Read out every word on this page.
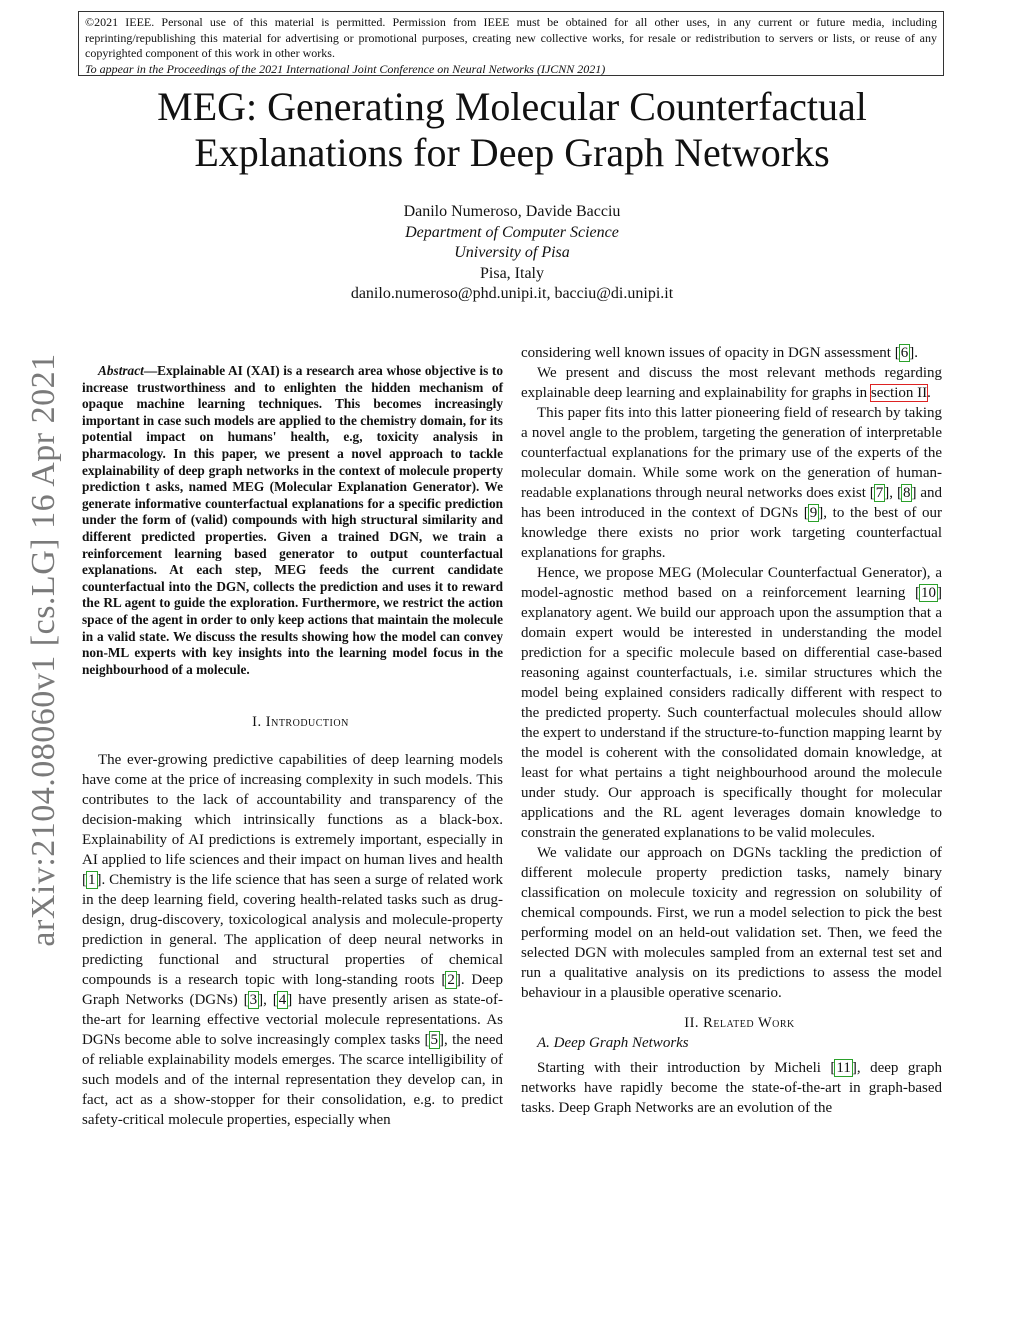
©2021 IEEE. Personal use of this material is permitted. Permission from IEEE must be obtained for all other uses, in any current or future media, including reprinting/republishing this material for advertising or promotional purposes, creating new collective works, for resale or redistribution to servers or lists, or reuse of any copyrighted component of this work in other works.
To appear in the Proceedings of the 2021 International Joint Conference on Neural Networks (IJCNN 2021)
MEG: Generating Molecular Counterfactual
Explanations for Deep Graph Networks
Danilo Numeroso, Davide Bacciu
Department of Computer Science
University of Pisa
Pisa, Italy
danilo.numeroso@phd.unipi.it, bacciu@di.unipi.it
arXiv:2104.08060v1 [cs.LG] 16 Apr 2021	Abstract—Explainable AI (XAI) is a research area whose objective is to increase trustworthiness and to enlighten the hidden mechanism of opaque machine learning techniques. This becomes increasingly important in case such models are applied to the chemistry domain, for its potential impact on humans' health, e.g, toxicity analysis in pharmacology. In this paper, we present a novel approach to tackle explainability of deep graph networks in the context of molecule property prediction t asks, named MEG (Molecular Explanation Generator). We generate informative counterfactual explanations for a specific prediction under the form of (valid) compounds with high structural similarity and different predicted properties. Given a trained DGN, we train a reinforcement learning based generator to output counterfactual explanations. At each step, MEG feeds the current candidate counterfactual into the DGN, collects the prediction and uses it to reward the RL agent to guide the exploration. Furthermore, we restrict the action space of the agent in order to only keep actions that maintain the molecule in a valid state. We discuss the results showing how the model can convey non-ML experts with key insights into the learning model focus in the neighbourhood of a molecule.

I. Introduction

The ever-growing predictive capabilities of deep learning models have come at the price of increasing complexity in such models. This contributes to the lack of accountability and transparency of the decision-making which intrinsically functions as a black-box. Explainability of AI predictions is extremely important, especially in AI applied to life sciences and their impact on human lives and health [1]. Chemistry is the life science that has seen a surge of related work in the deep learning field, covering health-related tasks such as drug-design, drug-discovery, toxicological analysis and molecule-property prediction in general. The application of deep neural networks in predicting functional and structural properties of chemical compounds is a research topic with long-standing roots [2]. Deep Graph Networks (DGNs) [3], [4] have presently arisen as state-of-the-art for learning effective vectorial molecule representations. As DGNs become able to solve increasingly complex tasks [5], the need of reliable explainability models emerges. The scarce intelligibility of such models and of the internal representation they develop can, in fact, act as a show-stopper for their consolidation, e.g. to predict safety-critical molecule properties, especially when

considering well known issues of opacity in DGN assessment [6].

We present and discuss the most relevant methods regarding explainable deep learning and explainability for graphs in section II.

This paper fits into this latter pioneering field of research by taking a novel angle to the problem, targeting the generation of interpretable counterfactual explanations for the primary use of the experts of the molecular domain. While some work on the generation of human-readable explanations through neural networks does exist [7], [8] and has been introduced in the context of DGNs [9], to the best of our knowledge there exists no prior work targeting counterfactual explanations for graphs.

Hence, we propose MEG (Molecular Counterfactual Generator), a model-agnostic method based on a reinforcement learning [10] explanatory agent. We build our approach upon the assumption that a domain expert would be interested in understanding the model prediction for a specific molecule based on differential case-based reasoning against counterfactuals, i.e. similar structures which the model being explained considers radically different with respect to the predicted property. Such counterfactual molecules should allow the expert to understand if the structure-to-function mapping learnt by the model is coherent with the consolidated domain knowledge, at least for what pertains a tight neighbourhood around the molecule under study. Our approach is specifically thought for molecular applications and the RL agent leverages domain knowledge to constrain the generated explanations to be valid molecules.

We validate our approach on DGNs tackling the prediction of different molecule property prediction tasks, namely binary classification on molecule toxicity and regression on solubility of chemical compounds. First, we run a model selection to pick the best performing model on an held-out validation set. Then, we feed the selected DGN with molecules sampled from an external test set and run a qualitative analysis on its predictions to assess the model behaviour in a plausible operative scenario.

II. Related Work

A. Deep Graph Networks

Starting with their introduction by Micheli [11], deep graph networks have rapidly become the state-of-the-art in graph-based tasks. Deep Graph Networks are an evolution of the
